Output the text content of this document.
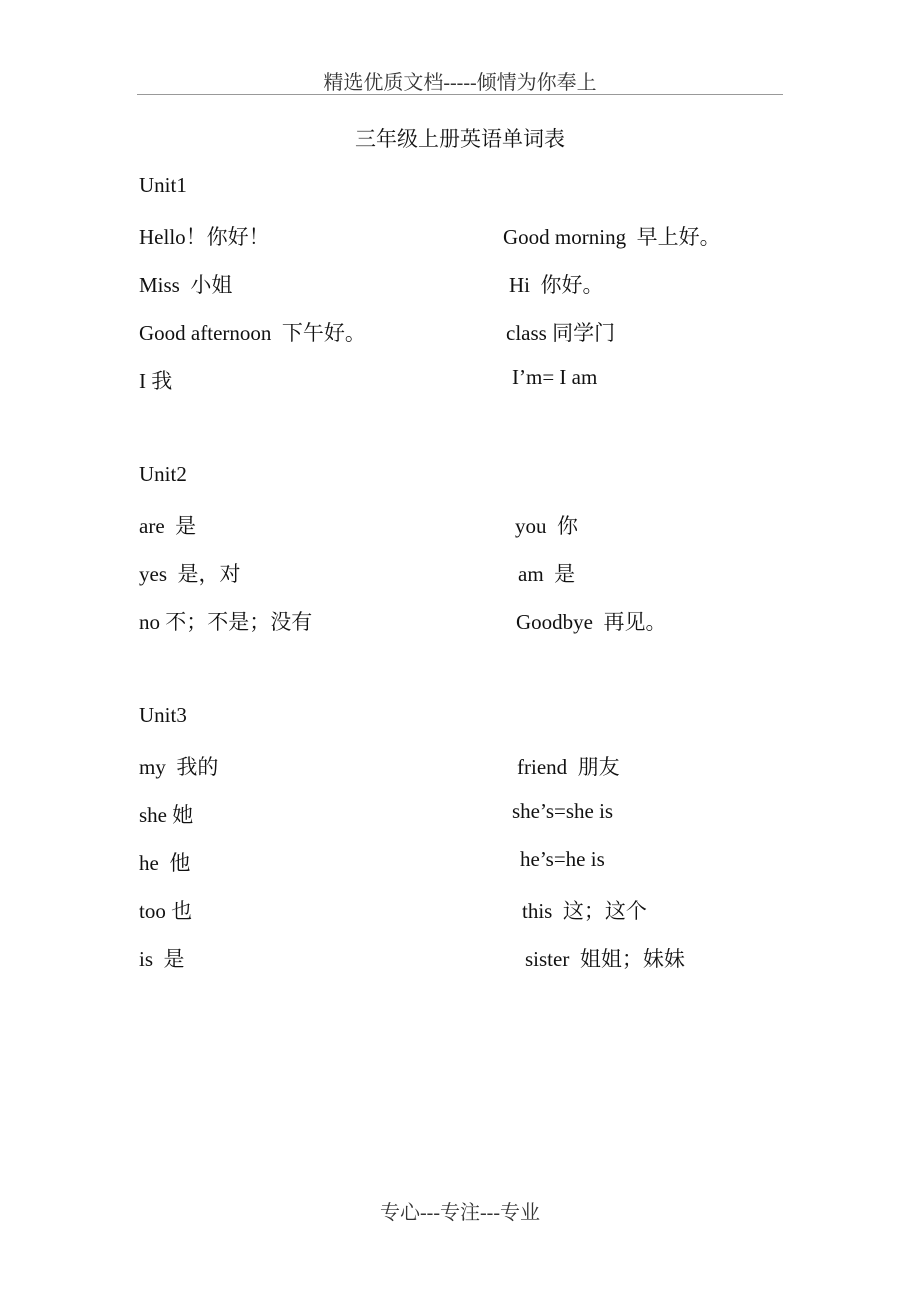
精选优质文档-----倾情为你奉上
三年级上册英语单词表
Unit1

Hello！你好！

	Good morning  早上好。

Miss  小姐

	Hi  你好。

Good afternoon  下午好。

	class 同学门

I 我

	I’m= I am

Unit2

are  是

	you  你

yes  是，对

	am  是

no 不；不是；没有

	Goodbye  再见。

Unit3

my  我的

	friend  朋友

she 她

	she’s=she is

he  他

	he’s=he is

too 也

	this  这；这个

is  是

	sister  姐姐；妹妹

专心---专注---专业
